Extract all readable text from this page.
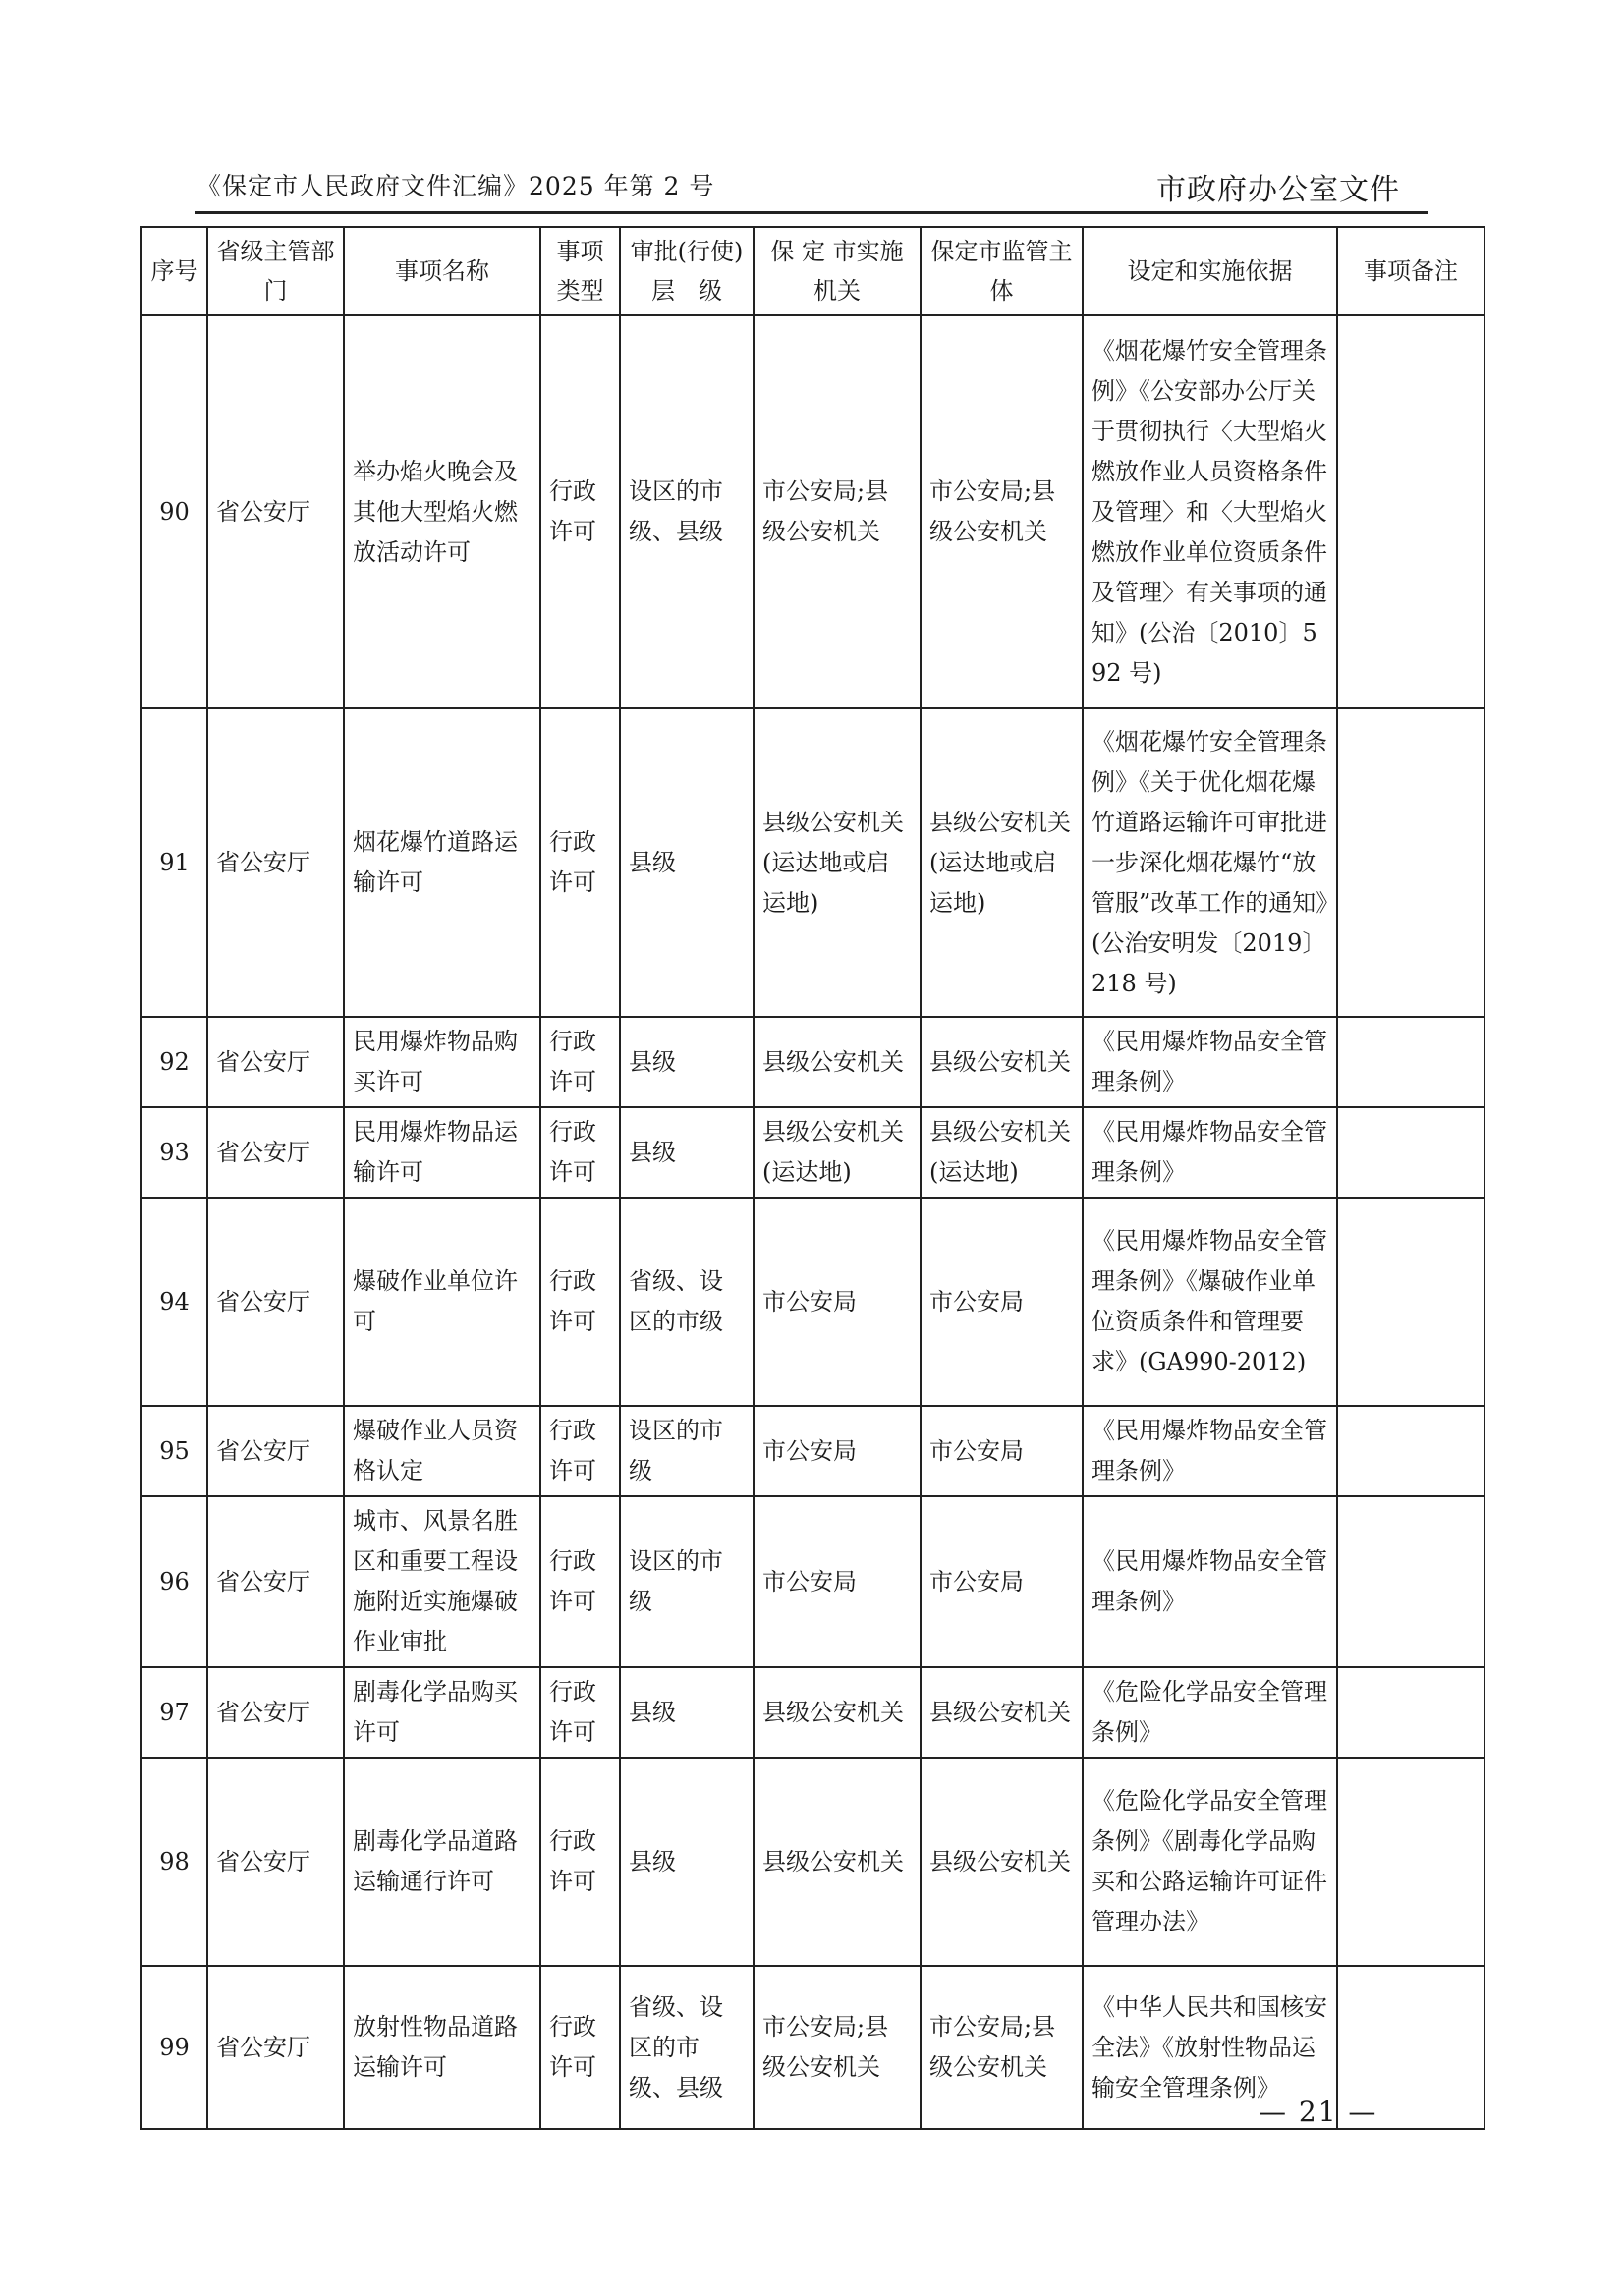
《保定市人民政府文件汇编》2025 年第 2 号	市政府办公室文件
序号	省级主管部　门	事项名称	事项类型	审批(行使)层　级	保 定 市实施机关	保定市监管主体	设定和实施依据	事项备注
90	省公安厅	举办焰火晚会及其他大型焰火燃放活动许可	行政许可	设区的市级、县级	市公安局;县级公安机关	市公安局;县级公安机关	《烟花爆竹安全管理条例》《公安部办公厅关于贯彻执行〈大型焰火燃放作业人员资格条件及管理〉和〈大型焰火燃放作业单位资质条件及管理〉有关事项的通知》(公治〔2010〕592 号)	
91	省公安厅	烟花爆竹道路运输许可	行政许可	县级	县级公安机关(运达地或启运地)	县级公安机关(运达地或启运地)	《烟花爆竹安全管理条例》《关于优化烟花爆竹道路运输许可审批进一步深化烟花爆竹“放管服”改革工作的通知》(公治安明发〔2019〕218 号)	
92	省公安厅	民用爆炸物品购买许可	行政许可	县级	县级公安机关	县级公安机关	《民用爆炸物品安全管理条例》	
93	省公安厅	民用爆炸物品运输许可	行政许可	县级	县级公安机关(运达地)	县级公安机关(运达地)	《民用爆炸物品安全管理条例》	
94	省公安厅	爆破作业单位许可	行政许可	省级、设区的市级	市公安局	市公安局	《民用爆炸物品安全管理条例》《爆破作业单位资质条件和管理要求》(GA990-2012)	
95	省公安厅	爆破作业人员资格认定	行政许可	设区的市级	市公安局	市公安局	《民用爆炸物品安全管理条例》	
96	省公安厅	城市、风景名胜区和重要工程设施附近实施爆破作业审批	行政许可	设区的市级	市公安局	市公安局	《民用爆炸物品安全管理条例》	
97	省公安厅	剧毒化学品购买许可	行政许可	县级	县级公安机关	县级公安机关	《危险化学品安全管理条例》	
98	省公安厅	剧毒化学品道路运输通行许可	行政许可	县级	县级公安机关	县级公安机关	《危险化学品安全管理条例》《剧毒化学品购买和公路运输许可证件管理办法》	
99	省公安厅	放射性物品道路运输许可	行政许可	省级、设区的市级、县级	市公安局;县级公安机关	市公安局;县级公安机关	《中华人民共和国核安全法》《放射性物品运输安全管理条例》	
— 21 —
